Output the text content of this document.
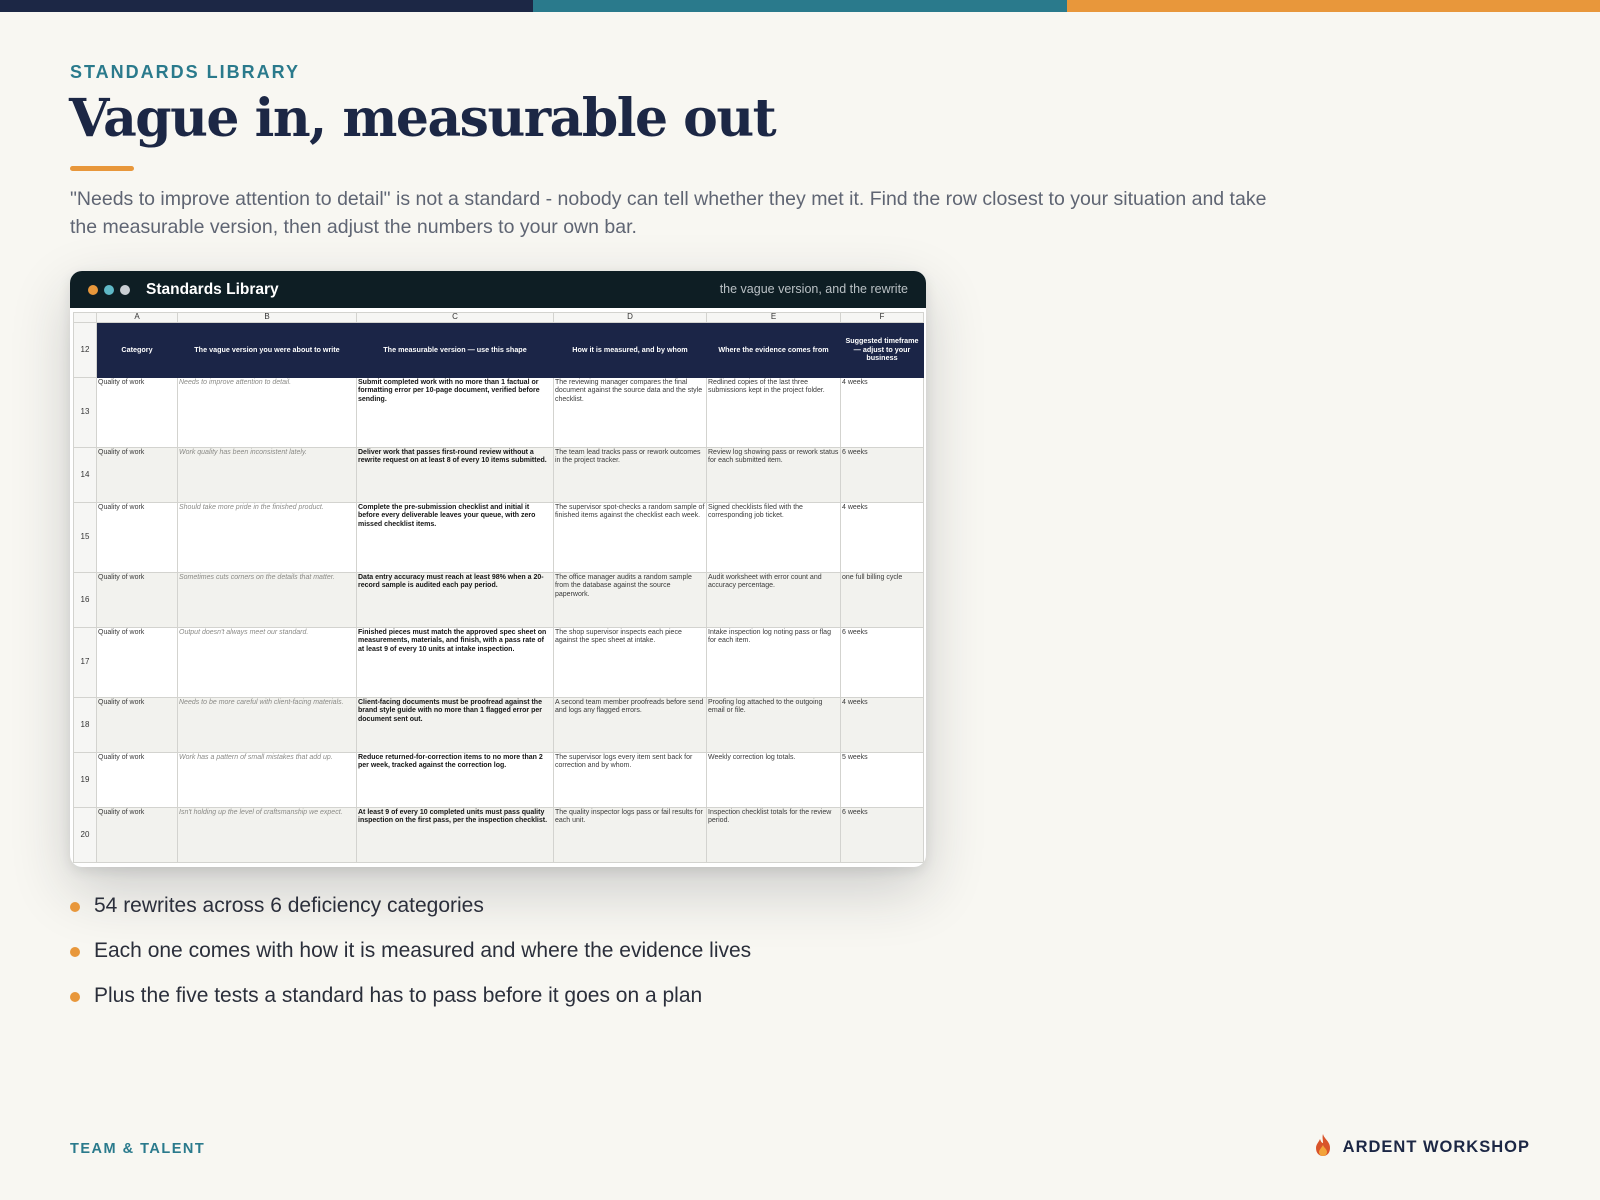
STANDARDS LIBRARY
Vague in, measurable out

"Needs to improve attention to detail" is not a standard - nobody can tell whether they met it. Find the row closest to your situation and take the measurable version, then adjust the numbers to your own bar.

Standards Library	the vague version, and the rewrite
	A	B	C	D	E	F
12	Category	The vague version you were about to write	The measurable version — use this shape	How it is measured, and by whom	Where the evidence comes from	Suggested timeframe — adjust to your business
13	Quality of work	Needs to improve attention to detail.	Submit completed work with no more than 1 factual or formatting error per 10-page document, verified before sending.	The reviewing manager compares the final document against the source data and the style checklist.	Redlined copies of the last three submissions kept in the project folder.	4 weeks
14	Quality of work	Work quality has been inconsistent lately.	Deliver work that passes first-round review without a rewrite request on at least 8 of every 10 items submitted.	The team lead tracks pass or rework outcomes in the project tracker.	Review log showing pass or rework status for each submitted item.	6 weeks
15	Quality of work	Should take more pride in the finished product.	Complete the pre-submission checklist and initial it before every deliverable leaves your queue, with zero missed checklist items.	The supervisor spot-checks a random sample of finished items against the checklist each week.	Signed checklists filed with the corresponding job ticket.	4 weeks
16	Quality of work	Sometimes cuts corners on the details that matter.	Data entry accuracy must reach at least 98% when a 20-record sample is audited each pay period.	The office manager audits a random sample from the database against the source paperwork.	Audit worksheet with error count and accuracy percentage.	one full billing cycle
17	Quality of work	Output doesn't always meet our standard.	Finished pieces must match the approved spec sheet on measurements, materials, and finish, with a pass rate of at least 9 of every 10 units at intake inspection.	The shop supervisor inspects each piece against the spec sheet at intake.	Intake inspection log noting pass or flag for each item.	6 weeks
18	Quality of work	Needs to be more careful with client-facing materials.	Client-facing documents must be proofread against the brand style guide with no more than 1 flagged error per document sent out.	A second team member proofreads before send and logs any flagged errors.	Proofing log attached to the outgoing email or file.	4 weeks
19	Quality of work	Work has a pattern of small mistakes that add up.	Reduce returned-for-correction items to no more than 2 per week, tracked against the correction log.	The supervisor logs every item sent back for correction and by whom.	Weekly correction log totals.	5 weeks
20	Quality of work	Isn't holding up the level of craftsmanship we expect.	At least 9 of every 10 completed units must pass quality inspection on the first pass, per the inspection checklist.	The quality inspector logs pass or fail results for each unit.	Inspection checklist totals for the review period.	6 weeks
54 rewrites across 6 deficiency categories
Each one comes with how it is measured and where the evidence lives
Plus the five tests a standard has to pass before it goes on a plan
TEAM & TALENT	ARDENT WORKSHOP
